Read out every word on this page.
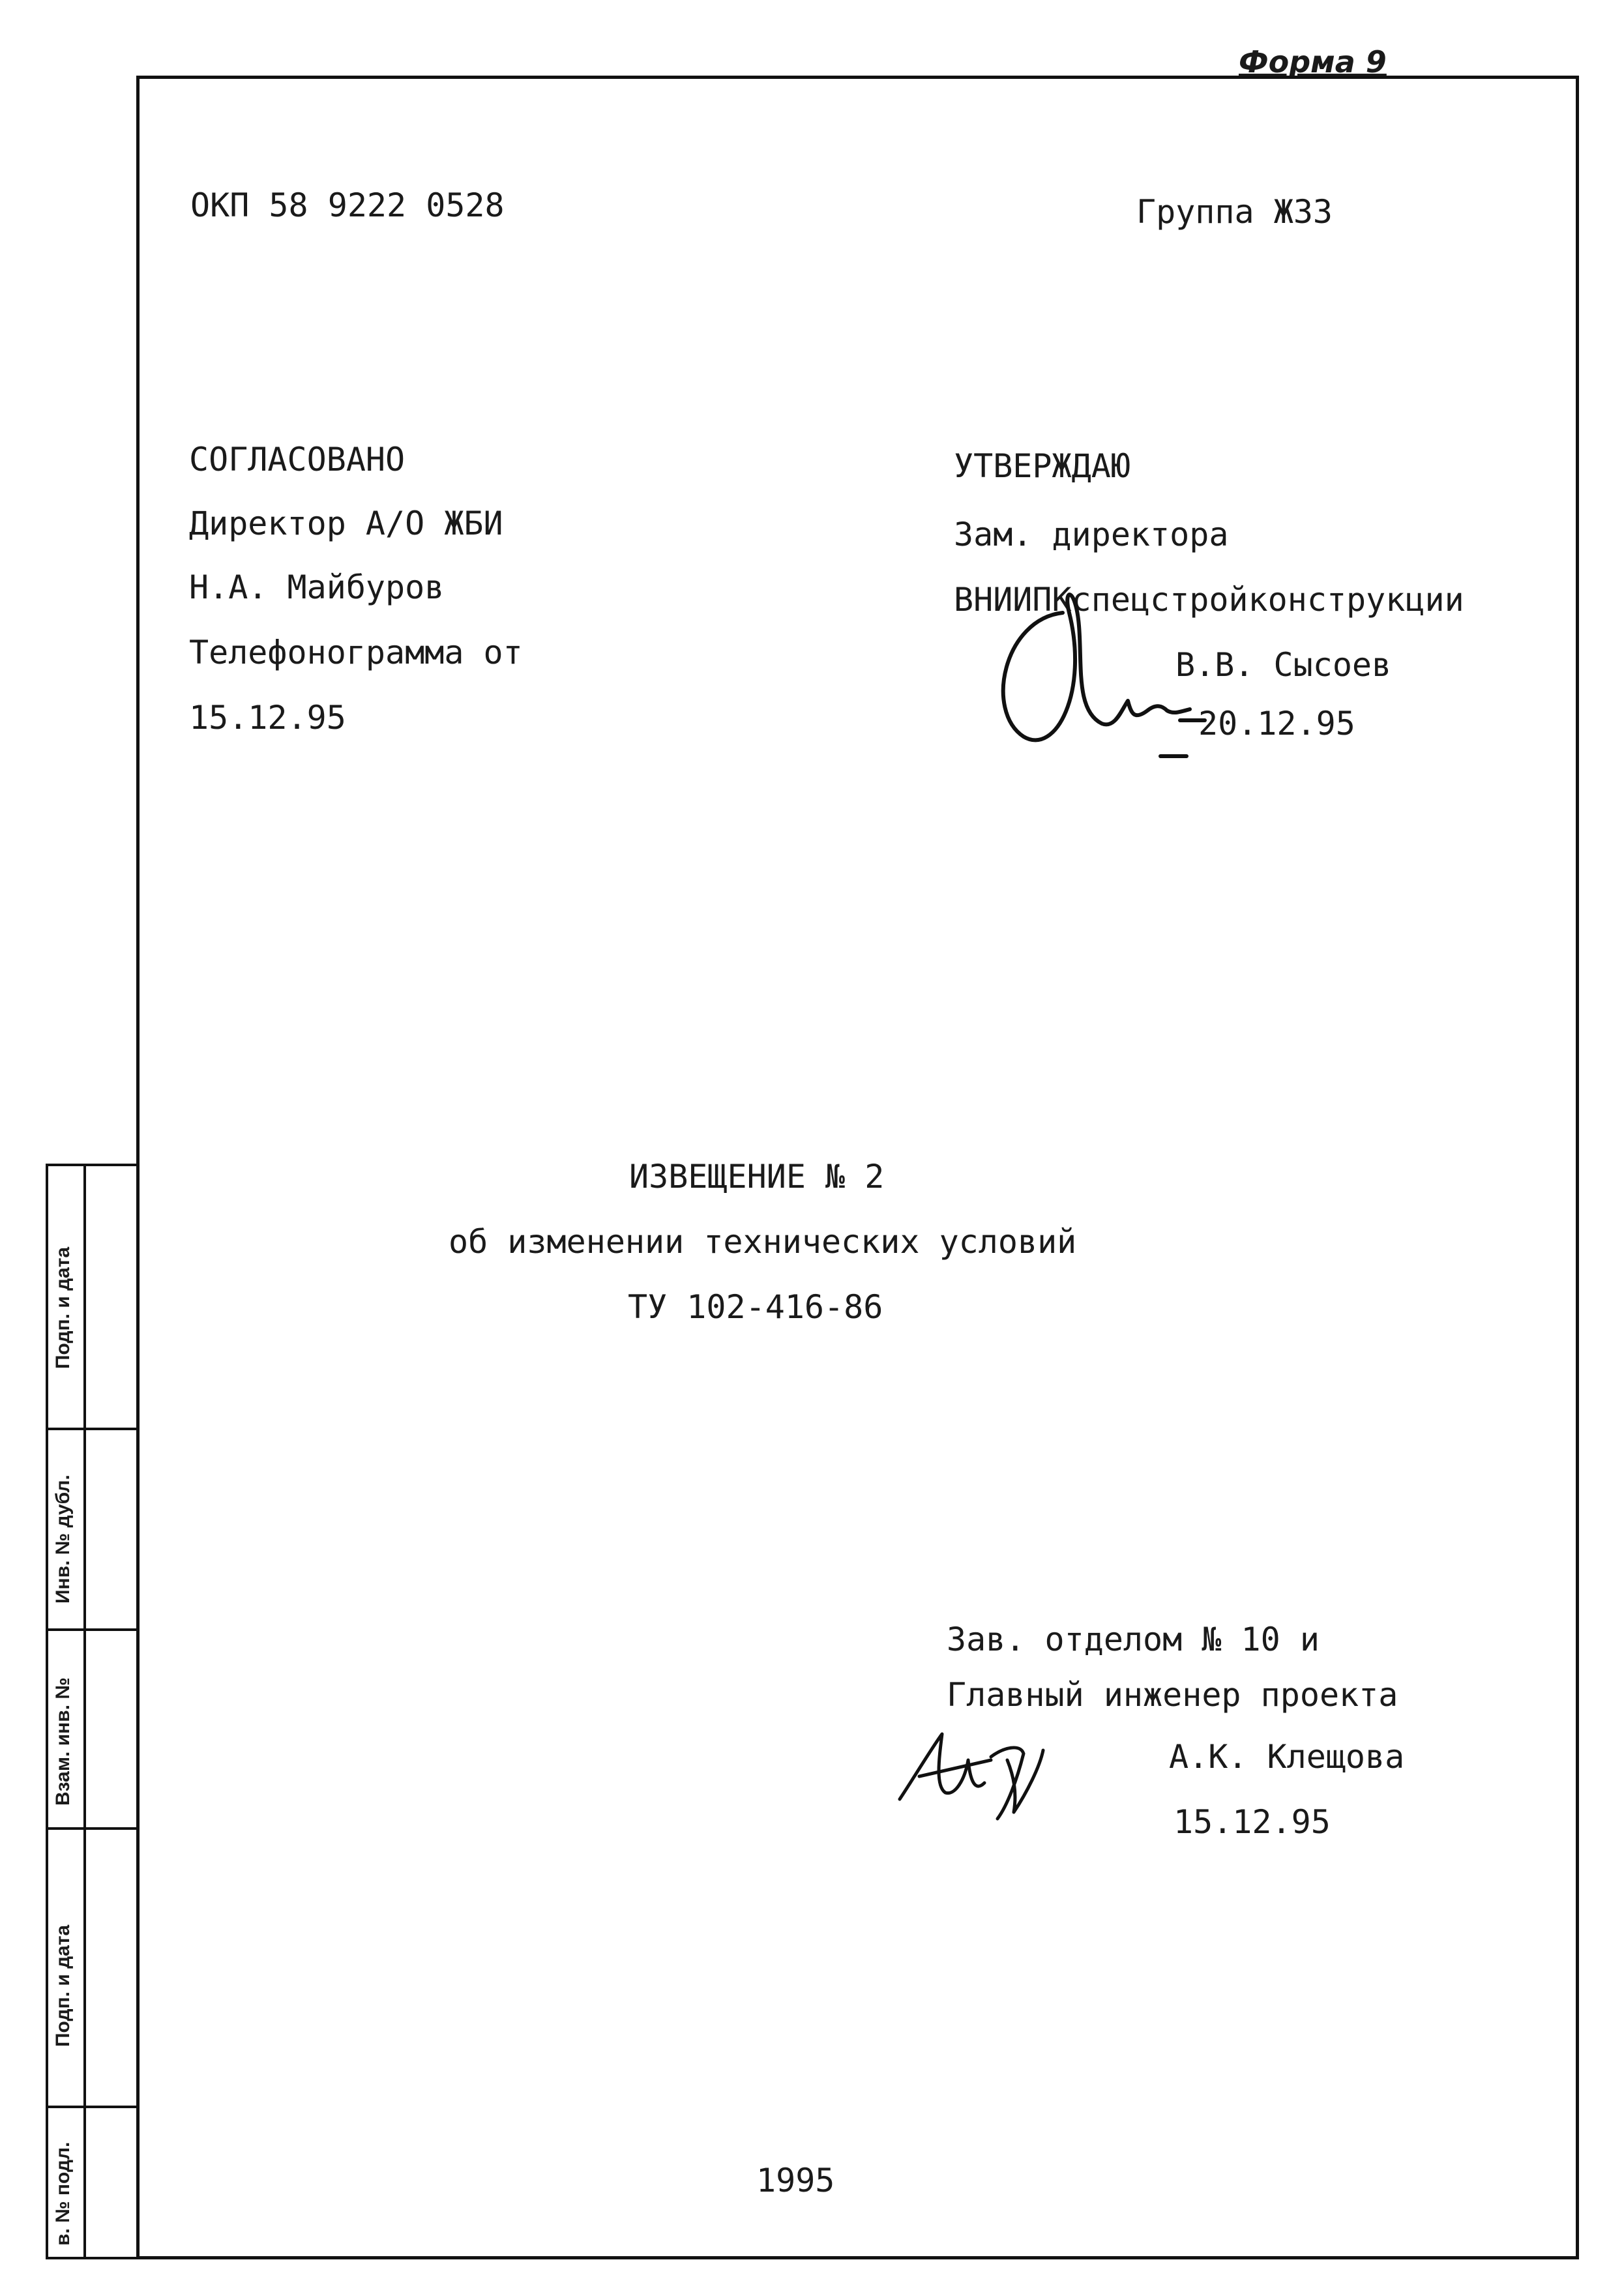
Форма 9
Подп. и дата
Инв. № дубл.
Взам. инв. №
Подп. и дата
в. № подл.
ОКП 58 9222 0528	Группа Ж33
СОГЛАСОВАНО
Директор А/О ЖБИ
Н.А. Майбуров
Телефонограмма от
15.12.95
УТВЕРЖДАЮ
Зам. директора
ВНИИПКспецстройконструкции
В.В. Сысоев
20.12.95
ИЗВЕЩЕНИЕ № 2
об изменении технических условий
ТУ 102-416-86
Зав. отделом № 10 и
Главный инженер проекта
А.К. Клещова
15.12.95
1995
